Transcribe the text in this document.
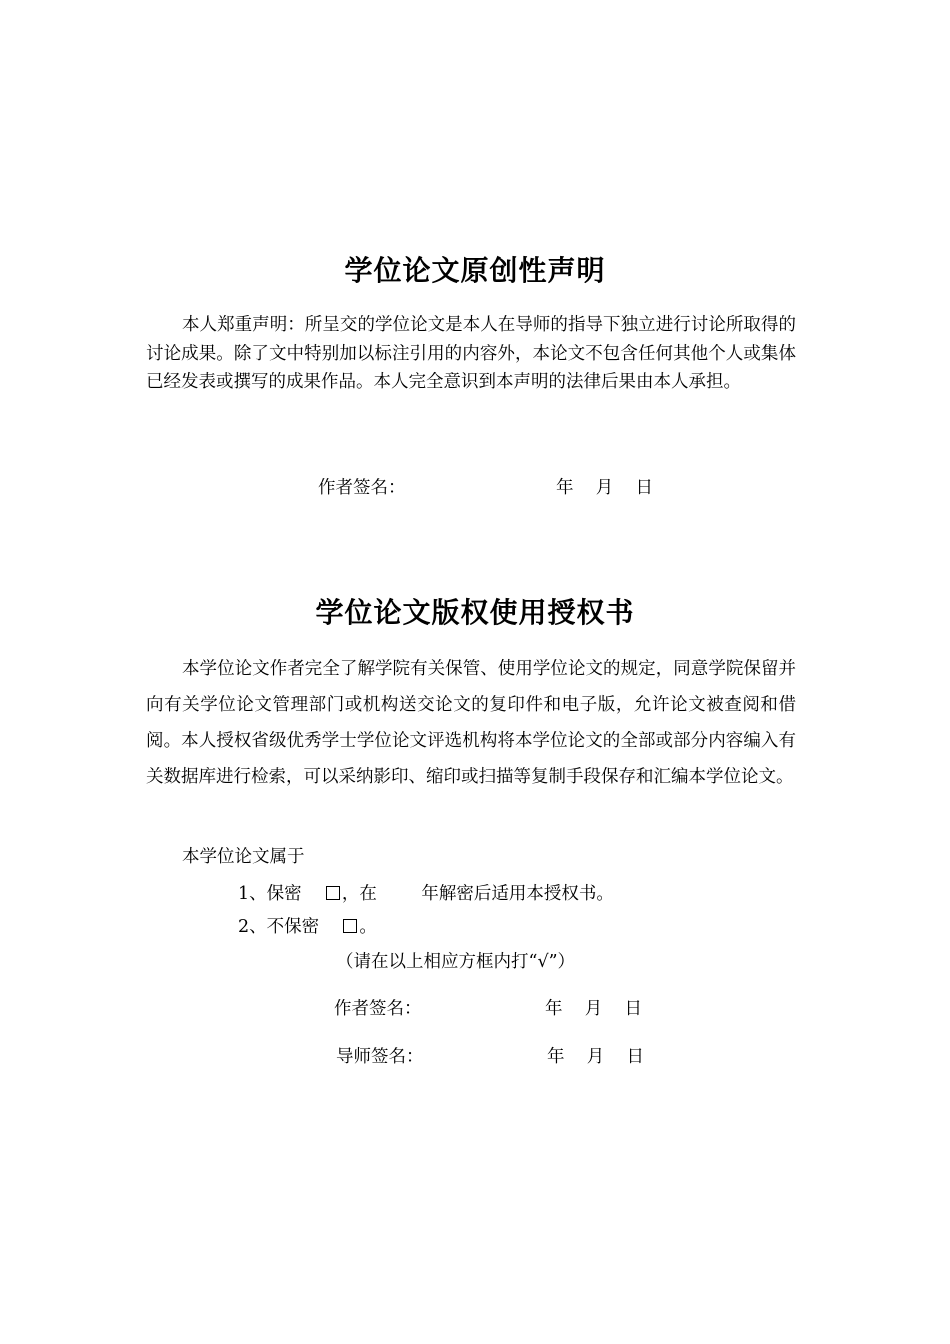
学位论文原创性声明

本人郑重声明：所呈交的学位论文是本人在导师的指导下独立进行讨论所取得的讨论成果。除了文中特别加以标注引用的内容外，本论文不包含任何其他个人或集体已经发表或撰写的成果作品。本人完全意识到本声明的法律后果由本人承担。

作者签名：	年    月    日
学位论文版权使用授权书

本学位论文作者完全了解学院有关保管、使用学位论文的规定，同意学院保留并向有关学位论文管理部门或机构送交论文的复印件和电子版，允许论文被查阅和借阅。本人授权省级优秀学士学位论文评选机构将本学位论文的全部或部分内容编入有关数据库进行检索，可以采纳影印、缩印或扫描等复制手段保存和汇编本学位论文。

本学位论文属于
1、保密 ，在	年解密后适用本授权书。
2、不保密 。
（请在以上相应方框内打“√”）
作者签名：	年    月    日
导师签名：	年    月    日
